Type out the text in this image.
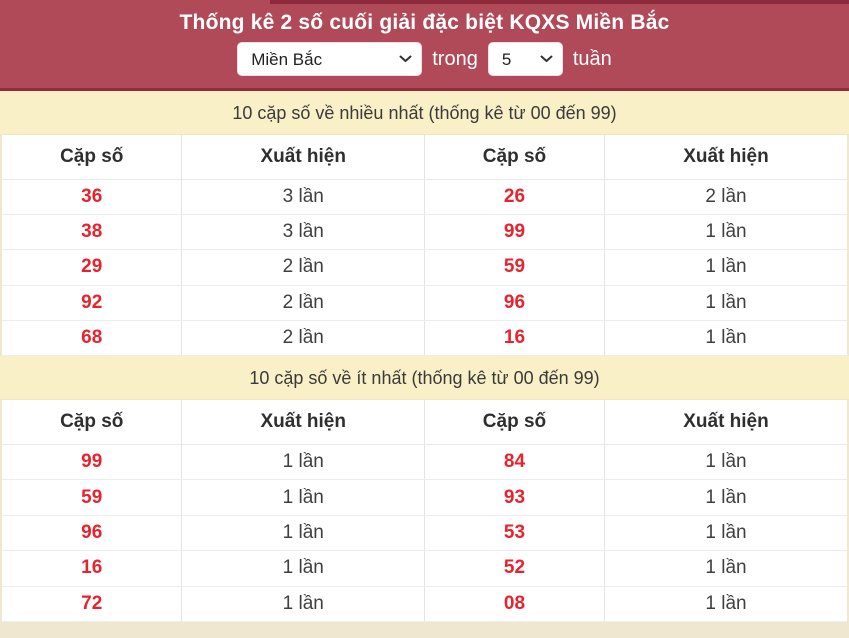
Thống kê 2 số cuối giải đặc biệt KQXS Miền Bắc
Miền Bắc
trong
5	tuần
10 cặp số về nhiều nhất (thống kê từ 00 đến 99)
Cặp số	Xuất hiện	Cặp số	Xuất hiện
36	3 lần	26	2 lần
38	3 lần	99	1 lần
29	2 lần	59	1 lần
92	2 lần	96	1 lần
68	2 lần	16	1 lần
10 cặp số về ít nhất (thống kê từ 00 đến 99)
Cặp số	Xuất hiện	Cặp số	Xuất hiện
99	1 lần	84	1 lần
59	1 lần	93	1 lần
96	1 lần	53	1 lần
16	1 lần	52	1 lần
72	1 lần	08	1 lần
